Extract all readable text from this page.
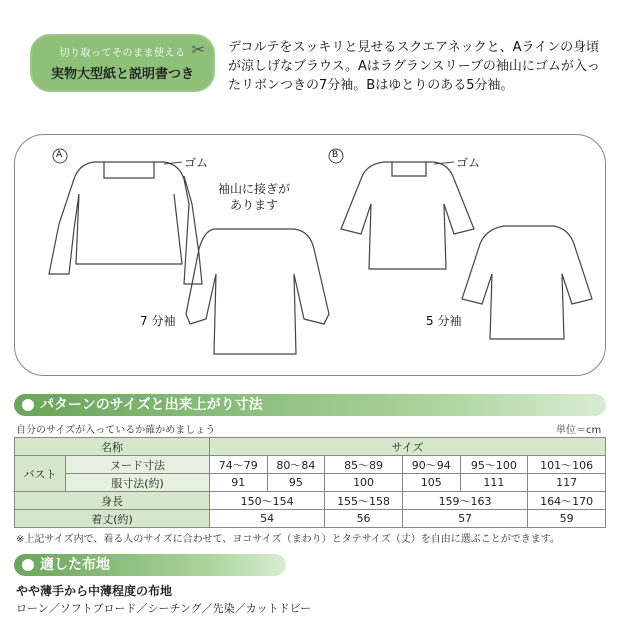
切り取ってそのまま使える
実物大型紙と説明書つき
✂ デコルテをスッキリと見せるスクエアネックと、Aラインの身頃が涼しげなブラウス。Aはラグランスリーブの袖山にゴムが入ったリボンつきの7分袖。Bはゆとりのある5分袖。
A	B
ゴム	ゴム
袖山に接ぎが
あります
7 分袖	5 分袖
パターンのサイズと出来上がり寸法
自分のサイズが入っているか確かめましょう	単位＝cm
名称		サイズ					
バスト	ヌード寸法	74〜79	80〜84	85〜89	90〜94	95〜100	101〜106
	服寸法(約)	91	95	100	105	111	117
身長		150〜154		155〜158	159〜163		164〜170
着丈(約)		54		56	57		59
※上記サイズ内で、着る人のサイズに合わせて、ヨコサイズ（まわり）とタテサイズ（丈）を自由に選ぶことができます。
適した布地
やや薄手から中薄程度の布地
ローン／ソフトブロード／シーチング／先染／カットドビー
